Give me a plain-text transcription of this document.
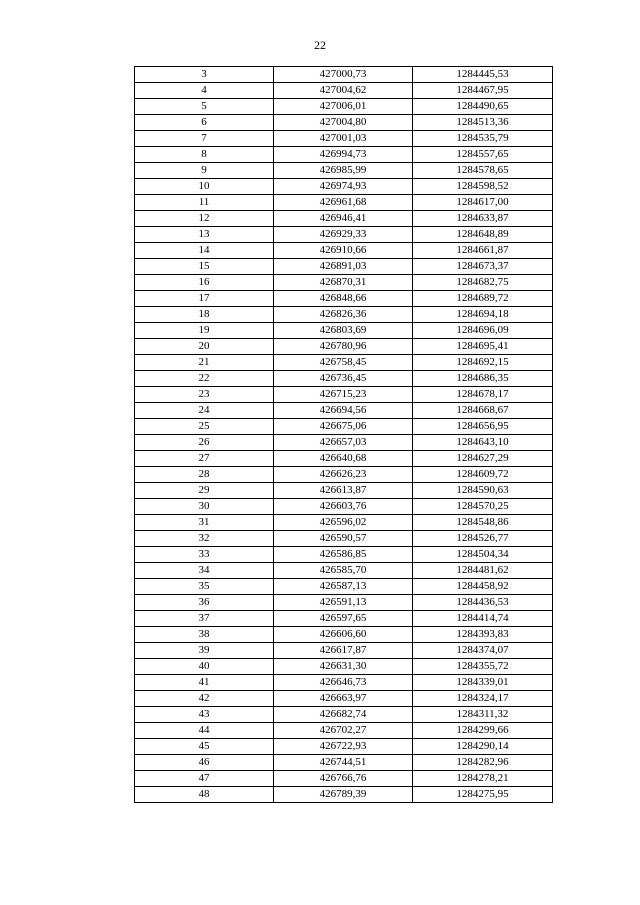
22
3	427000,73	1284445,53
4	427004,62	1284467,95
5	427006,01	1284490,65
6	427004,80	1284513,36
7	427001,03	1284535,79
8	426994,73	1284557,65
9	426985,99	1284578,65
10	426974,93	1284598,52
11	426961,68	1284617,00
12	426946,41	1284633,87
13	426929,33	1284648,89
14	426910,66	1284661,87
15	426891,03	1284673,37
16	426870,31	1284682,75
17	426848,66	1284689,72
18	426826,36	1284694,18
19	426803,69	1284696,09
20	426780,96	1284695,41
21	426758,45	1284692,15
22	426736,45	1284686,35
23	426715,23	1284678,17
24	426694,56	1284668,67
25	426675,06	1284656,95
26	426657,03	1284643,10
27	426640,68	1284627,29
28	426626,23	1284609,72
29	426613,87	1284590,63
30	426603,76	1284570,25
31	426596,02	1284548,86
32	426590,57	1284526,77
33	426586,85	1284504,34
34	426585,70	1284481,62
35	426587,13	1284458,92
36	426591,13	1284436,53
37	426597,65	1284414,74
38	426606,60	1284393,83
39	426617,87	1284374,07
40	426631,30	1284355,72
41	426646,73	1284339,01
42	426663,97	1284324,17
43	426682,74	1284311,32
44	426702,27	1284299,66
45	426722,93	1284290,14
46	426744,51	1284282,96
47	426766,76	1284278,21
48	426789,39	1284275,95
